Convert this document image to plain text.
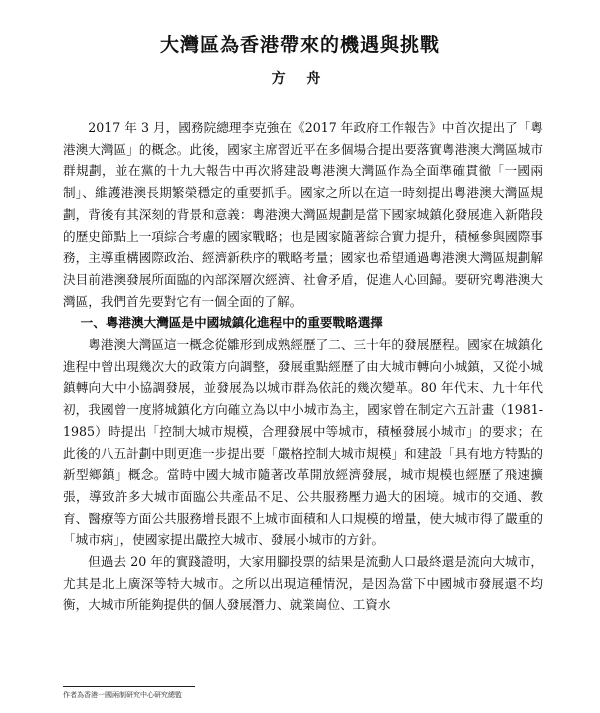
大灣區為香港帶來的機遇與挑戰
方 舟

2017 年 3 月，國務院總理李克強在《2017 年政府工作報告》中首次提出了「粵港澳大灣區」的概念。此後，國家主席習近平在多個場合提出要落實粵港澳大灣區城市群規劃，並在黨的十九大報告中再次將建設粵港澳大灣區作為全面準確貫徹「一國兩制」、維護港澳長期繁榮穩定的重要抓手。國家之所以在這一時刻提出粵港澳大灣區規劃，背後有其深刻的背景和意義：粵港澳大灣區規劃是當下國家城鎮化發展進入新階段的歷史節點上一項綜合考慮的國家戰略；也是國家隨著綜合實力提升，積極參與國際事務，主導重構國際政治、經濟新秩序的戰略考量；國家也希望通過粵港澳大灣區規劃解決目前港澳發展所面臨的內部深層次經濟、社會矛盾，促進人心回歸。要研究粵港澳大灣區，我們首先要對它有一個全面的了解。

一、粵港澳大灣區是中國城鎮化進程中的重要戰略選擇

粵港澳大灣區這一概念從雛形到成熟經歷了二、三十年的發展歷程。國家在城鎮化進程中曾出現幾次大的政策方向調整，發展重點經歷了由大城市轉向小城鎮，又從小城鎮轉向大中小協調發展，並發展為以城市群為依託的幾次變革。80 年代末、九十年代初，我國曾一度將城鎮化方向確立為以中小城市為主，國家曾在制定六五計畫（1981-1985）時提出「控制大城市規模，合理發展中等城市，積極發展小城市」的要求；在此後的八五計劃中則更進一步提出要「嚴格控制大城市規模」和建設「具有地方特點的新型鄉鎮」概念。當時中國大城市隨著改革開放經濟發展，城市規模也經歷了飛速擴張，導致許多大城市面臨公共產品不足、公共服務壓力過大的困境。城市的交通、教育、醫療等方面公共服務增長跟不上城市面積和人口規模的增量，使大城市得了嚴重的「城市病」，使國家提出嚴控大城市、發展小城市的方針。

但過去 20 年的實踐證明，大家用腳投票的結果是流動人口最終還是流向大城市，尤其是北上廣深等特大城市。之所以出現這種情況，是因為當下中國城市發展還不均衡，大城市所能夠提供的個人發展潛力、就業崗位、工資水

作者為香港一國兩制研究中心研究總監
